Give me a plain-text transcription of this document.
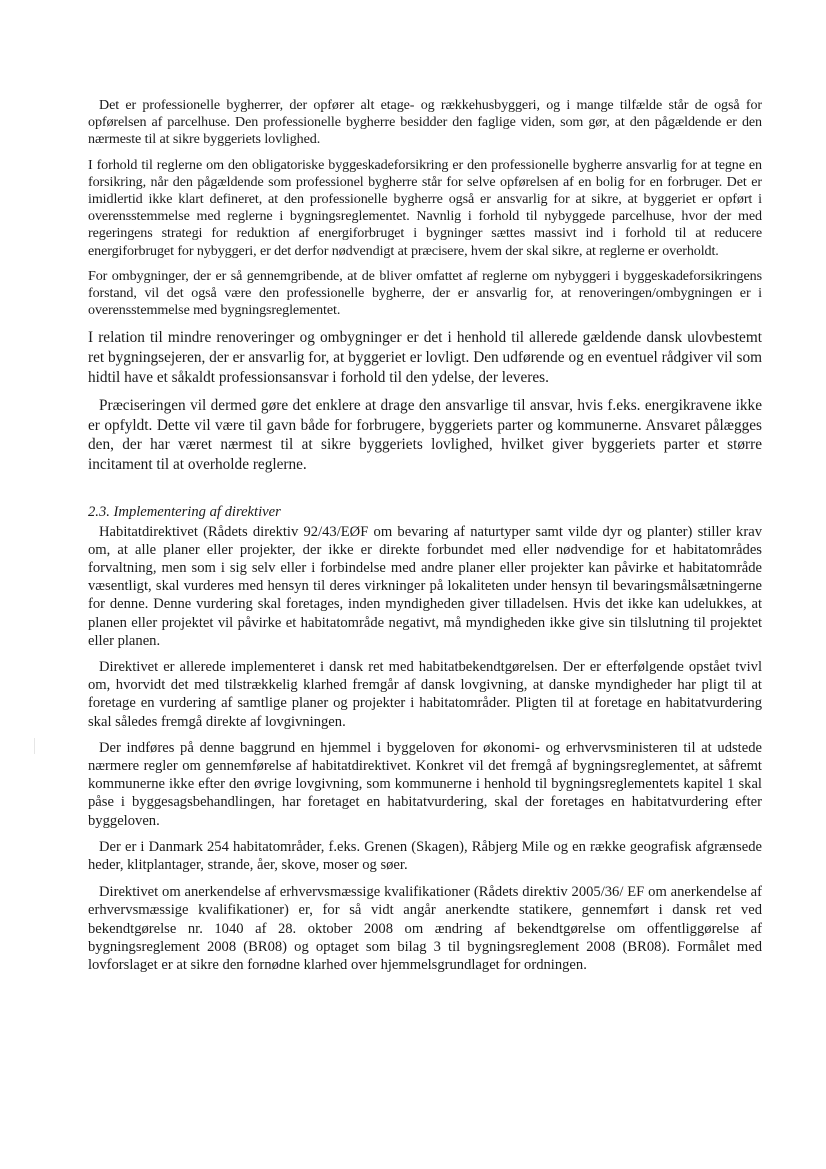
Det er professionelle bygherrer, der opfører alt etage- og rækkehusbyggeri, og i mange tilfælde står de også for opførelsen af parcelhuse. Den professionelle bygherre besidder den faglige viden, som gør, at den pågældende er den nærmeste til at sikre byggeriets lovlighed.

I forhold til reglerne om den obligatoriske byggeskadeforsikring er den professionelle bygherre ansvarlig for at tegne en forsikring, når den pågældende som professionel bygherre står for selve opførelsen af en bolig for en forbruger. Det er imidlertid ikke klart defineret, at den professionelle bygherre også er ansvarlig for at sikre, at byggeriet er opført i overensstemmelse med reglerne i bygningsreglementet. Navnlig i forhold til nybyggede parcelhuse, hvor der med regeringens strategi for reduktion af energiforbruget i bygninger sættes massivt ind i forhold til at reducere energiforbruget for nybyggeri, er det derfor nødvendigt at præcisere, hvem der skal sikre, at reglerne er overholdt.

For ombygninger, der er så gennemgribende, at de bliver omfattet af reglerne om nybyggeri i byggeskadeforsikringens forstand, vil det også være den professionelle bygherre, der er ansvarlig for, at renoveringen/ombygningen er i overensstemmelse med bygningsreglementet.

I relation til mindre renoveringer og ombygninger er det i henhold til allerede gældende dansk ulovbestemt ret bygningsejeren, der er ansvarlig for, at byggeriet er lovligt. Den udførende og en eventuel rådgiver vil som hidtil have et såkaldt professionsansvar i forhold til den ydelse, der leveres.

Præciseringen vil dermed gøre det enklere at drage den ansvarlige til ansvar, hvis f.eks. energikravene ikke er opfyldt. Dette vil være til gavn både for forbrugere, byggeriets parter og kommunerne. Ansvaret pålægges den, der har været nærmest til at sikre byggeriets lovlighed, hvilket giver byggeriets parter et større incitament til at overholde reglerne.

2.3. Implementering af direktiver

Habitatdirektivet (Rådets direktiv 92/43/EØF om bevaring af naturtyper samt vilde dyr og planter) stiller krav om, at alle planer eller projekter, der ikke er direkte forbundet med eller nødvendige for et habitatområdes forvaltning, men som i sig selv eller i forbindelse med andre planer eller projekter kan påvirke et habitatområde væsentligt, skal vurderes med hensyn til deres virkninger på lokaliteten under hensyn til bevaringsmålsætningerne for denne. Denne vurdering skal foretages, inden myndigheden giver tilladelsen. Hvis det ikke kan udelukkes, at planen eller projektet vil påvirke et habitatområde negativt, må myndigheden ikke give sin tilslutning til projektet eller planen.

Direktivet er allerede implementeret i dansk ret med habitatbekendtgørelsen. Der er efterfølgende opstået tvivl om, hvorvidt det med tilstrækkelig klarhed fremgår af dansk lovgivning, at danske myndigheder har pligt til at foretage en vurdering af samtlige planer og projekter i habitatområder. Pligten til at foretage en habitatvurdering skal således fremgå direkte af lovgivningen.

Der indføres på denne baggrund en hjemmel i byggeloven for økonomi- og erhvervsministeren til at udstede nærmere regler om gennemførelse af habitatdirektivet. Konkret vil det fremgå af bygningsreglementet, at såfremt kommunerne ikke efter den øvrige lovgivning, som kommunerne i henhold til bygningsreglementets kapitel 1 skal påse i byggesagsbehandlingen, har foretaget en habitatvurdering, skal der foretages en habitatvurdering efter byggeloven.

Der er i Danmark 254 habitatområder, f.eks. Grenen (Skagen), Råbjerg Mile og en række geografisk afgrænsede heder, klitplantager, strande, åer, skove, moser og søer.

Direktivet om anerkendelse af erhvervsmæssige kvalifikationer (Rådets direktiv 2005/36/ EF om anerkendelse af erhvervsmæssige kvalifikationer) er, for så vidt angår anerkendte statikere, gennemført i dansk ret ved bekendtgørelse nr. 1040 af 28. oktober 2008 om ændring af bekendtgørelse om offentliggørelse af bygningsreglement 2008 (BR08) og optaget som bilag 3 til bygningsreglement 2008 (BR08). Formålet med lovforslaget er at sikre den fornødne klarhed over hjemmelsgrundlaget for ordningen.
